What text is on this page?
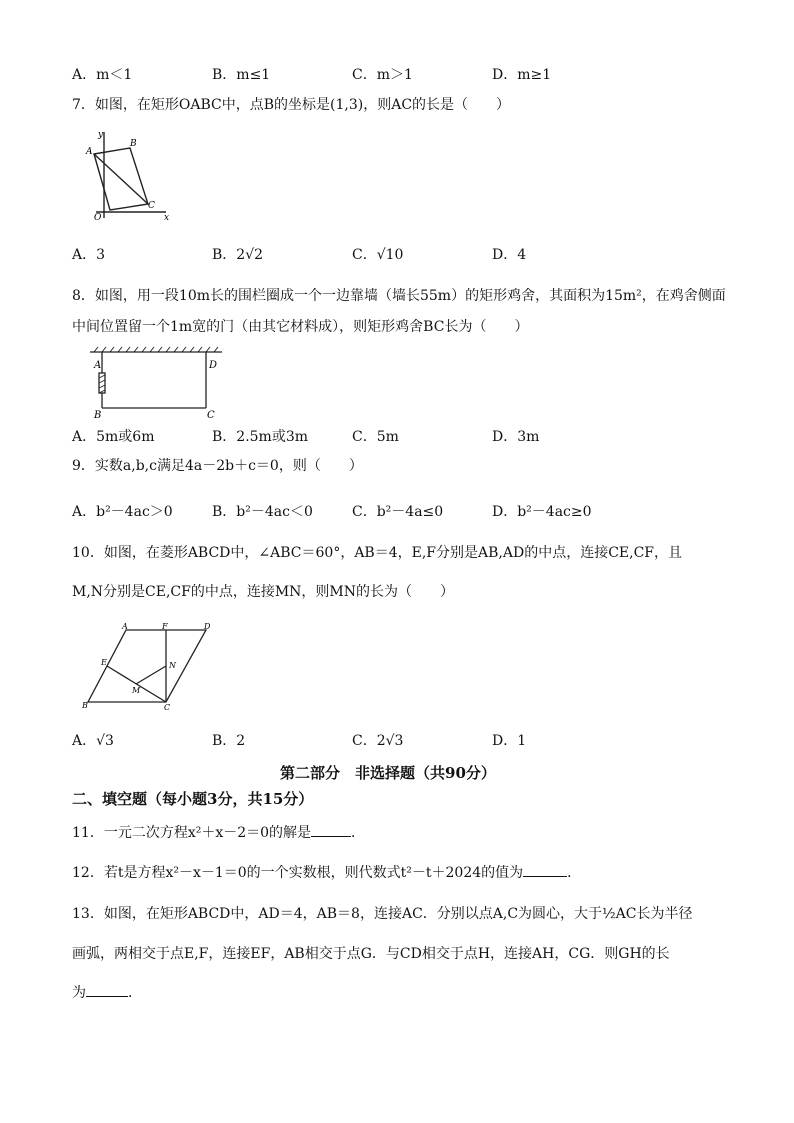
A．m＜1	B．m≤1	C．m＞1	D．m≥1
7．如图，在矩形OABC中，点B的坐标是(1,3)，则AC的长是（　　）
y
A
B
O
C
x
A．3	B．2√2	C．√10	D．4
8．如图，用一段10m长的围栏圈成一个一边靠墙（墙长55m）的矩形鸡舍，其面积为15m²，在鸡舍侧面
中间位置留一个1m宽的门（由其它材料成），则矩形鸡舍BC长为（　　）
A	D
B	C
A．5m或6m	B．2.5m或3m	C．5m	D．3m
9．实数a,b,c满足4a－2b＋c＝0，则（　　）
A．b²－4ac＞0	B．b²－4ac＜0	C．b²－4a≤0	D．b²－4ac≥0
10．如图，在菱形ABCD中，∠ABC＝60°，AB＝4，E,F分别是AB,AD的中点，连接CE,CF，且
M,N分别是CE,CF的中点，连接MN，则MN的长为（　　）
A	F	D
E	N
M
B	C
A．√3	B．2	C．2√3	D．1
第二部分　非选择题（共90分）
二、填空题（每小题3分，共15分）
11．一元二次方程x²＋x－2＝0的解是	．
12．若t是方程x²－x－1＝0的一个实数根，则代数式t²－t＋2024的值为	．
13．如图，在矩形ABCD中，AD＝4，AB＝8，连接AC．分别以点A,C为圆心，大于½AC长为半径
画弧，两相交于点E,F，连接EF，AB相交于点G．与CD相交于点H，连接AH，CG．则GH的长
为	．
